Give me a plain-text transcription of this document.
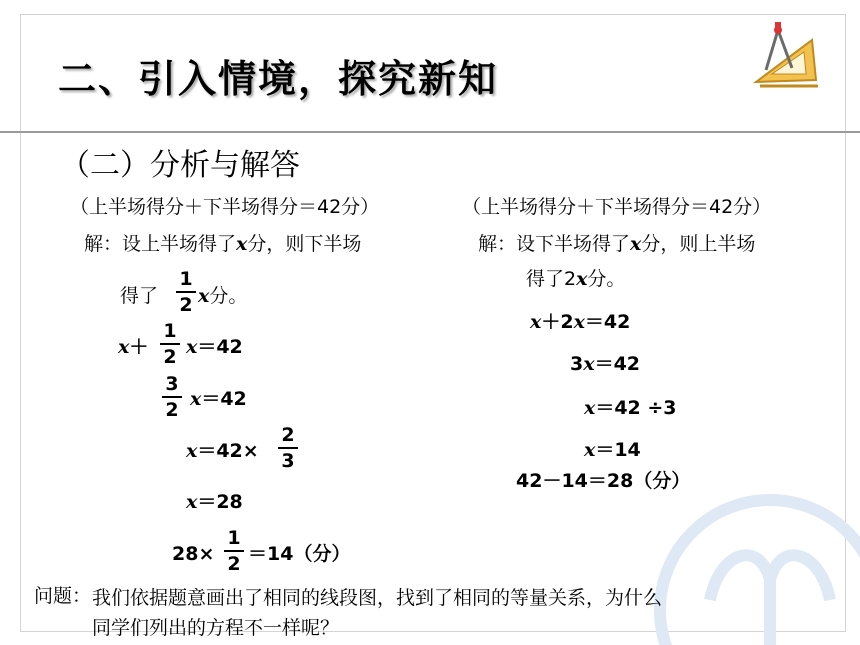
二、引入情境，探究新知
（二）分析与解答
（上半场得分＋下半场得分＝42分）
解：设上半场得了x分，则下半场
得了
1
2 x分。
x＋
1
2 x＝42
3
2 x＝42
x＝42×
2
3
x＝28
28×
1
2 ＝14（分）
（上半场得分＋下半场得分＝42分）
解：设下半场得了x分，则上半场
得了2x分。
x＋2x＝42
3x＝42
x＝42 ÷3
x＝14
42－14＝28（分）
问题： 我们依据题意画出了相同的线段图，找到了相同的等量关系，为什么
同学们列出的方程不一样呢？
